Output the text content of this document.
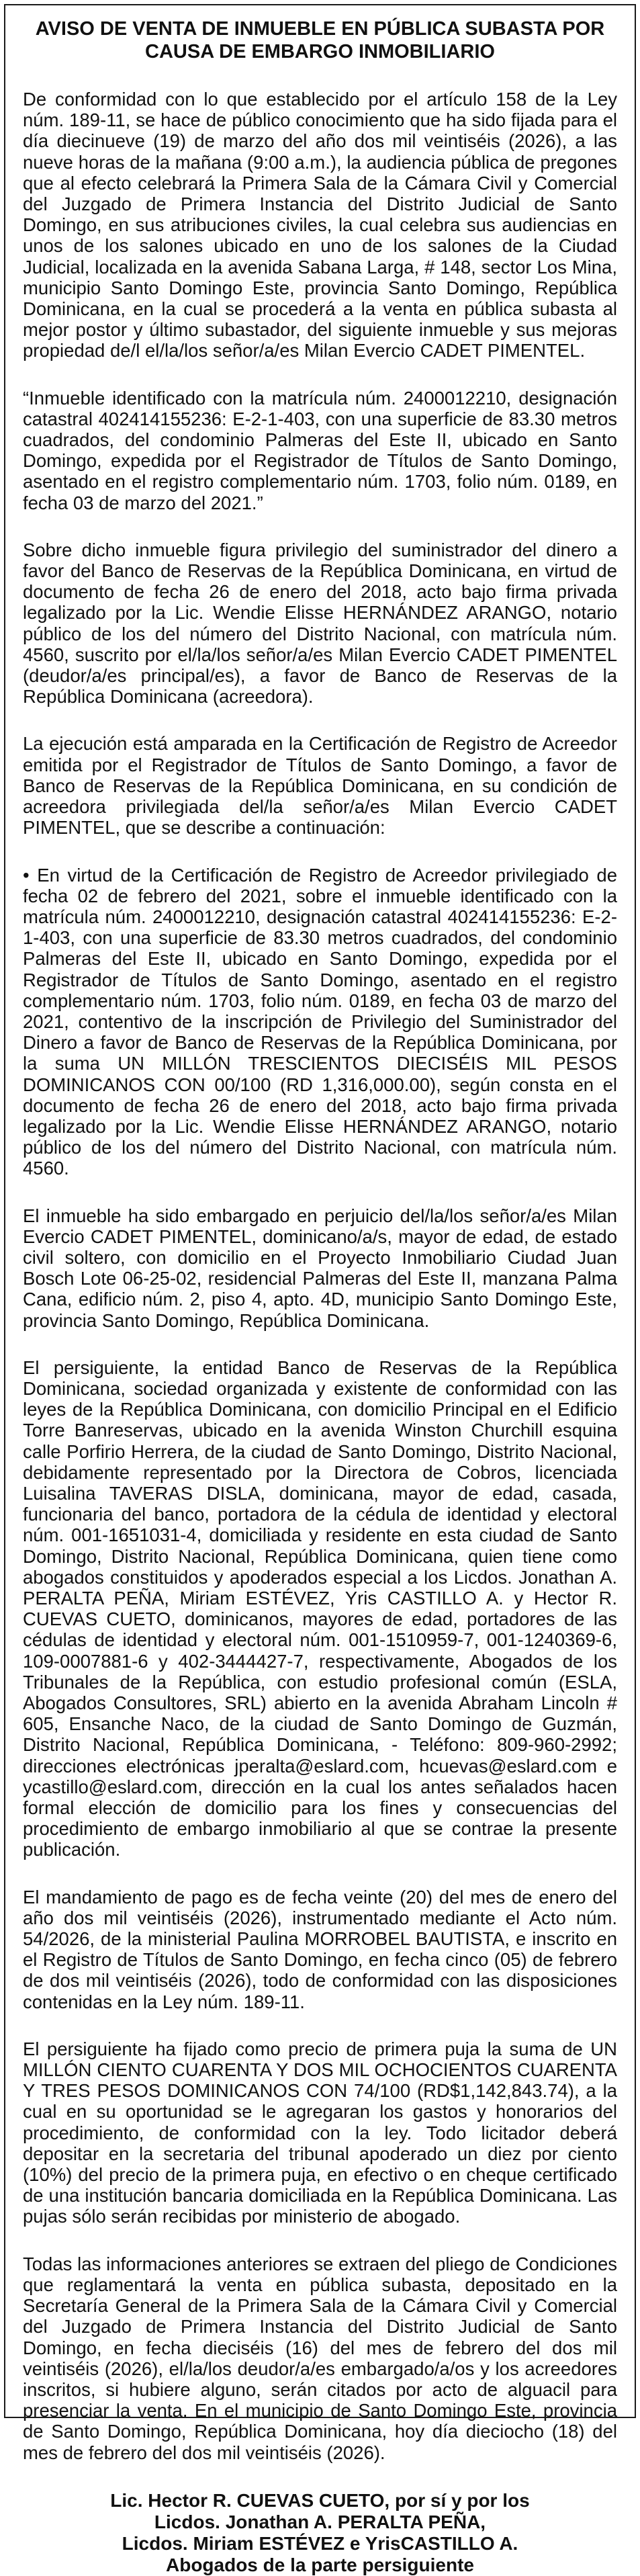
AVISO DE VENTA DE INMUEBLE EN PÚBLICA SUBASTA POR
CAUSA DE EMBARGO INMOBILIARIO

De conformidad con lo que establecido por el artículo 158 de la Ley núm. 189-11, se hace de público conocimiento que ha sido fijada para el día diecinueve (19) de marzo del año dos mil veintiséis (2026), a las nueve horas de la mañana (9:00 a.m.), la audiencia pública de pregones que al efecto celebrará la Primera Sala de la Cámara Civil y Comercial del Juzgado de Primera Instancia del Distrito Judicial de Santo Domingo, en sus atribuciones civiles, la cual celebra sus audiencias en unos de los salones ubicado en uno de los salones de la Ciudad Judicial, localizada en la avenida Sabana Larga, # 148, sector Los Mina, municipio Santo Domingo Este, provincia Santo Domingo, República Dominicana, en la cual se procederá a la venta en pública subasta al mejor postor y último subastador, del siguiente inmueble y sus mejoras propiedad de/l el/la/los señor/a/es Milan Evercio CADET PIMENTEL.

“Inmueble identificado con la matrícula núm. 2400012210, designación catastral 402414155236: E-2-1-403, con una superficie de 83.30 metros cuadrados, del condominio Palmeras del Este II, ubicado en Santo Domingo, expedida por el Registrador de Títulos de Santo Domingo, asentado en el registro complementario núm. 1703, folio núm. 0189, en fecha 03 de marzo del 2021.”

Sobre dicho inmueble figura privilegio del suministrador del dinero a favor del Banco de Reservas de la República Dominicana, en virtud de documento de fecha 26 de enero del 2018, acto bajo firma privada legalizado por la Lic. Wendie Elisse HERNÁNDEZ ARANGO, notario público de los del número del Distrito Nacional, con matrícula núm. 4560, suscrito por el/la/los señor/a/es Milan Evercio CADET PIMENTEL (deudor/a/es principal/es), a favor de Banco de Reservas de la República Dominicana (acreedora).

La ejecución está amparada en la Certificación de Registro de Acreedor emitida por el Registrador de Títulos de Santo Domingo, a favor de Banco de Reservas de la República Dominicana, en su condición de acreedora privilegiada del/la señor/a/es Milan Evercio CADET PIMENTEL, que se describe a continuación:

• En virtud de la Certificación de Registro de Acreedor privilegiado de fecha 02 de febrero del 2021, sobre el inmueble identificado con la matrícula núm. 2400012210, designación catastral 402414155236: E-2-1-403, con una superficie de 83.30 metros cuadrados, del condominio Palmeras del Este II, ubicado en Santo Domingo, expedida por el Registrador de Títulos de Santo Domingo, asentado en el registro complementario núm. 1703, folio núm. 0189, en fecha 03 de marzo del 2021, contentivo de la inscripción de Privilegio del Suministrador del Dinero a favor de Banco de Reservas de la República Dominicana, por la suma UN MILLÓN TRESCIENTOS DIECISÉIS MIL PESOS DOMINICANOS CON 00/100 (RD 1,316,000.00), según consta en el documento de fecha 26 de enero del 2018, acto bajo firma privada legalizado por la Lic. Wendie Elisse HERNÁNDEZ ARANGO, notario público de los del número del Distrito Nacional, con matrícula núm. 4560.

El inmueble ha sido embargado en perjuicio del/la/los señor/a/es Milan Evercio CADET PIMENTEL, dominicano/a/s, mayor de edad, de estado civil soltero, con domicilio en el Proyecto Inmobiliario Ciudad Juan Bosch Lote 06-25-02, residencial Palmeras del Este II, manzana Palma Cana, edificio núm. 2, piso 4, apto. 4D, municipio Santo Domingo Este, provincia Santo Domingo, República Dominicana.

El persiguiente, la entidad Banco de Reservas de la República Dominicana, sociedad organizada y existente de conformidad con las leyes de la República Dominicana, con domicilio Principal en el Edificio Torre Banreservas, ubicado en la avenida Winston Churchill esquina calle Porfirio Herrera, de la ciudad de Santo Domingo, Distrito Nacional, debidamente representado por la Directora de Cobros, licenciada Luisalina TAVERAS DISLA, dominicana, mayor de edad, casada, funcionaria del banco, portadora de la cédula de identidad y electoral núm. 001-1651031-4, domiciliada y residente en esta ciudad de Santo Domingo, Distrito Nacional, República Dominicana, quien tiene como abogados constituidos y apoderados especial a los Licdos. Jonathan A. PERALTA PEÑA, Miriam ESTÉVEZ, Yris CASTILLO A. y Hector R. CUEVAS CUETO, dominicanos, mayores de edad, portadores de las cédulas de identidad y electoral núm. 001-1510959-7, 001-1240369-6, 109-0007881-6 y 402-3444427-7, respectivamente, Abogados de los Tribunales de la República, con estudio profesional común (ESLA, Abogados Consultores, SRL) abierto en la avenida Abraham Lincoln # 605, Ensanche Naco, de la ciudad de Santo Domingo de Guzmán, Distrito Nacional, República Dominicana, - Teléfono: 809-960-2992; direcciones electrónicas jperalta@eslard.com, hcuevas@eslard.com e ycastillo@eslard.com, dirección en la cual los antes señalados hacen formal elección de domicilio para los fines y consecuencias del procedimiento de embargo inmobiliario al que se contrae la presente publicación.

El mandamiento de pago es de fecha veinte (20) del mes de enero del año dos mil veintiséis (2026), instrumentado mediante el Acto núm. 54/2026, de la ministerial Paulina MORROBEL BAUTISTA, e inscrito en el Registro de Títulos de Santo Domingo, en fecha cinco (05) de febrero de dos mil veintiséis (2026), todo de conformidad con las disposiciones contenidas en la Ley núm. 189-11.

El persiguiente ha fijado como precio de primera puja la suma de UN MILLÓN CIENTO CUARENTA Y DOS MIL OCHOCIENTOS CUARENTA Y TRES PESOS DOMINICANOS CON 74/100 (RD$1,142,843.74), a la cual en su oportunidad se le agregaran los gastos y honorarios del procedimiento, de conformidad con la ley. Todo licitador deberá depositar en la secretaria del tribunal apoderado un diez por ciento (10%) del precio de la primera puja, en efectivo o en cheque certificado de una institución bancaria domiciliada en la República Dominicana. Las pujas sólo serán recibidas por ministerio de abogado.

Todas las informaciones anteriores se extraen del pliego de Condiciones que reglamentará la venta en pública subasta, depositado en la Secretaría General de la Primera Sala de la Cámara Civil y Comercial del Juzgado de Primera Instancia del Distrito Judicial de Santo Domingo, en fecha dieciséis (16) del mes de febrero del dos mil veintiséis (2026), el/la/los deudor/a/es embargado/a/os y los acreedores inscritos, si hubiere alguno, serán citados por acto de alguacil para presenciar la venta. En el municipio de Santo Domingo Este, provincia de Santo Domingo, República Dominicana, hoy día dieciocho (18) del mes de febrero del dos mil veintiséis (2026).

Lic. Hector R. CUEVAS CUETO, por sí y por los
Licdos. Jonathan A. PERALTA PEÑA,
Licdos. Miriam ESTÉVEZ e YrisCASTILLO A.
Abogados de la parte persiguiente
